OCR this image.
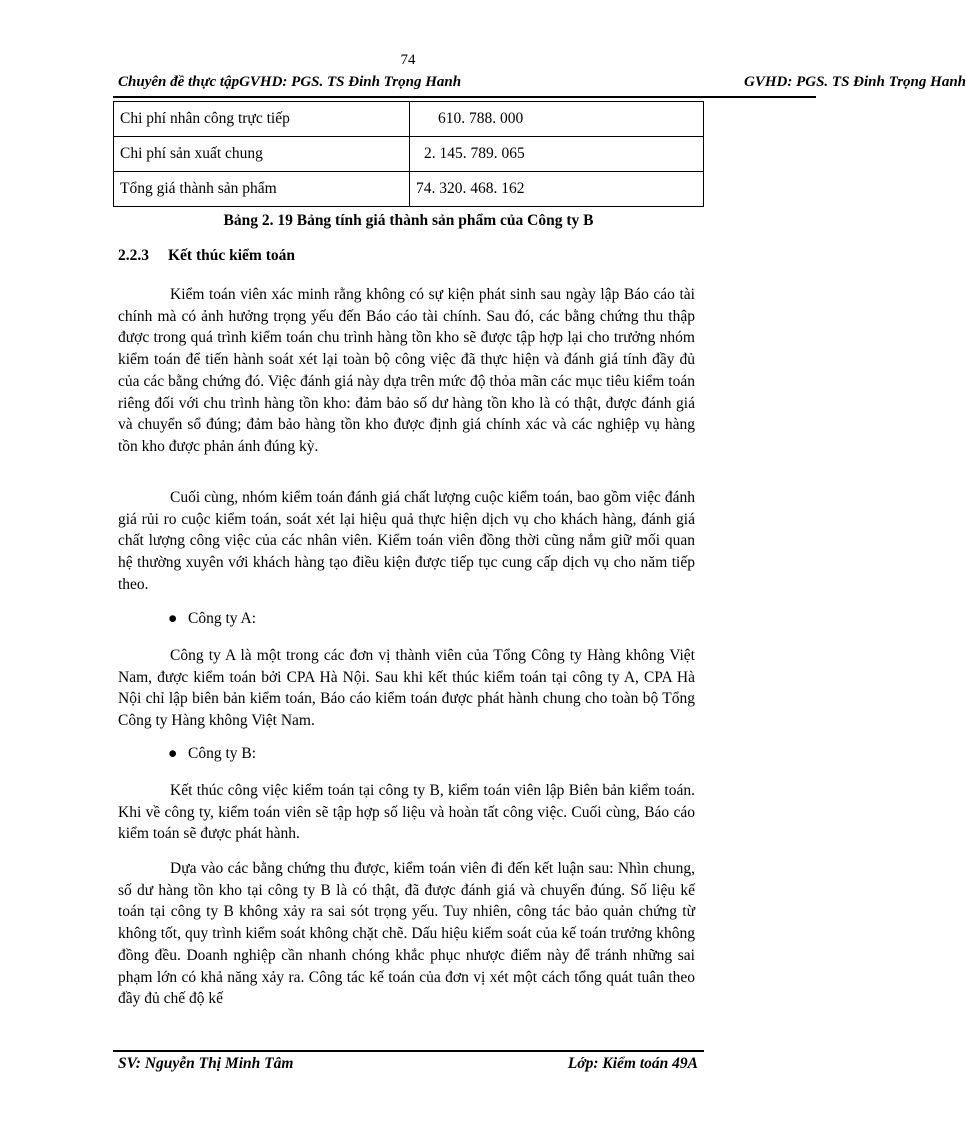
74
Chuyên đề thực tậpGVHD: PGS. TS Đinh Trọng Hanh	GVHD: PGS. TS Đinh Trọng Hanh
Chi phí nhân công trực tiếp	610. 788. 000
Chi phí sản xuất chung	2. 145. 789. 065
Tổng giá thành sản phẩm	74. 320. 468. 162
Bảng 2. 19 Bảng tính giá thành sản phẩm của Công ty B
2.2.3 Kết thúc kiểm toán

Kiểm toán viên xác minh rằng không có sự kiện phát sinh sau ngày lập Báo cáo tài chính mà có ảnh hưởng trọng yếu đến Báo cáo tài chính. Sau đó, các bằng chứng thu thập được trong quá trình kiểm toán chu trình hàng tồn kho sẽ được tập hợp lại cho trưởng nhóm kiểm toán để tiến hành soát xét lại toàn bộ công việc đã thực hiện và đánh giá tính đầy đủ của các bằng chứng đó. Việc đánh giá này dựa trên mức độ thỏa mãn các mục tiêu kiểm toán riêng đối với chu trình hàng tồn kho: đảm bảo số dư hàng tồn kho là có thật, được đánh giá và chuyển sổ đúng; đảm bảo hàng tồn kho được định giá chính xác và các nghiệp vụ hàng tồn kho được phản ánh đúng kỳ.

Cuối cùng, nhóm kiểm toán đánh giá chất lượng cuộc kiểm toán, bao gồm việc đánh giá rủi ro cuộc kiểm toán, soát xét lại hiệu quả thực hiện dịch vụ cho khách hàng, đánh giá chất lượng công việc của các nhân viên. Kiểm toán viên đồng thời cũng nắm giữ mối quan hệ thường xuyên với khách hàng tạo điều kiện được tiếp tục cung cấp dịch vụ cho năm tiếp theo.

● Công ty A:

Công ty A là một trong các đơn vị thành viên của Tổng Công ty Hàng không Việt Nam, được kiểm toán bởi CPA Hà Nội. Sau khi kết thúc kiểm toán tại công ty A, CPA Hà Nội chỉ lập biên bản kiểm toán, Báo cáo kiểm toán được phát hành chung cho toàn bộ Tổng Công ty Hàng không Việt Nam.

● Công ty B:

Kết thúc công việc kiểm toán tại công ty B, kiểm toán viên lập Biên bản kiểm toán. Khi về công ty, kiểm toán viên sẽ tập hợp số liệu và hoàn tất công việc. Cuối cùng, Báo cáo kiểm toán sẽ được phát hành.

Dựa vào các bằng chứng thu được, kiểm toán viên đi đến kết luận sau: Nhìn chung, số dư hàng tồn kho tại công ty B là có thật, đã được đánh giá và chuyển đúng. Số liệu kế toán tại công ty B không xảy ra sai sót trọng yếu. Tuy nhiên, công tác bảo quản chứng từ không tốt, quy trình kiểm soát không chặt chẽ. Dấu hiệu kiểm soát của kế toán trưởng không đồng đều. Doanh nghiệp cần nhanh chóng khắc phục nhược điểm này để tránh những sai phạm lớn có khả năng xảy ra. Công tác kế toán của đơn vị xét một cách tổng quát tuân theo đầy đủ chế độ kế

SV: Nguyễn Thị Minh Tâm	Lớp: Kiểm toán 49A
